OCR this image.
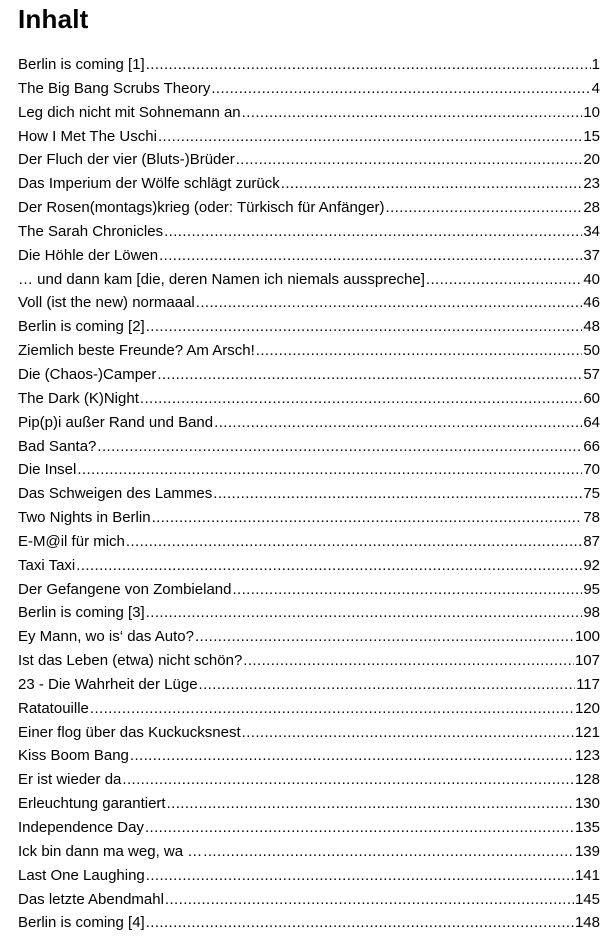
Inhalt
Berlin is coming [1] .....	1
The Big Bang Scrubs Theory .....	4
Leg dich nicht mit Sohnemann an .....	10
How I Met The Uschi .....	15
Der Fluch der vier (Bluts-)Brüder .....	20
Das Imperium der Wölfe schlägt zurück .....	23
Der Rosen(montags)krieg (oder: Türkisch für Anfänger) .....	28
The Sarah Chronicles .....	34
Die Höhle der Löwen .....	37
… und dann kam [die, deren Namen ich niemals ausspreche] .....	40
Voll (ist the new) normaaal .....	46
Berlin is coming [2] .....	48
Ziemlich beste Freunde? Am Arsch! .....	50
Die (Chaos-)Camper .....	57
The Dark (K)Night .....	60
Pip(p)i außer Rand und Band .....	64
Bad Santa? .....	66
Die Insel .....	70
Das Schweigen des Lammes .....	75
Two Nights in Berlin .....	78
E-M@il für mich .....	87
Taxi Taxi .....	92
Der Gefangene von Zombieland .....	95
Berlin is coming [3] .....	98
Ey Mann, wo is‘ das Auto? .....	100
Ist das Leben (etwa) nicht schön? .....	107
23 - Die Wahrheit der Lüge .....	117
Ratatouille .....	120
Einer flog über das Kuckucksnest .....	121
Kiss Boom Bang .....	123
Er ist wieder da .....	128
Erleuchtung garantiert .....	130
Independence Day .....	135
Ick bin dann ma weg, wa … .....	139
Last One Laughing .....	141
Das letzte Abendmahl .....	145
Berlin is coming [4] .....	148
